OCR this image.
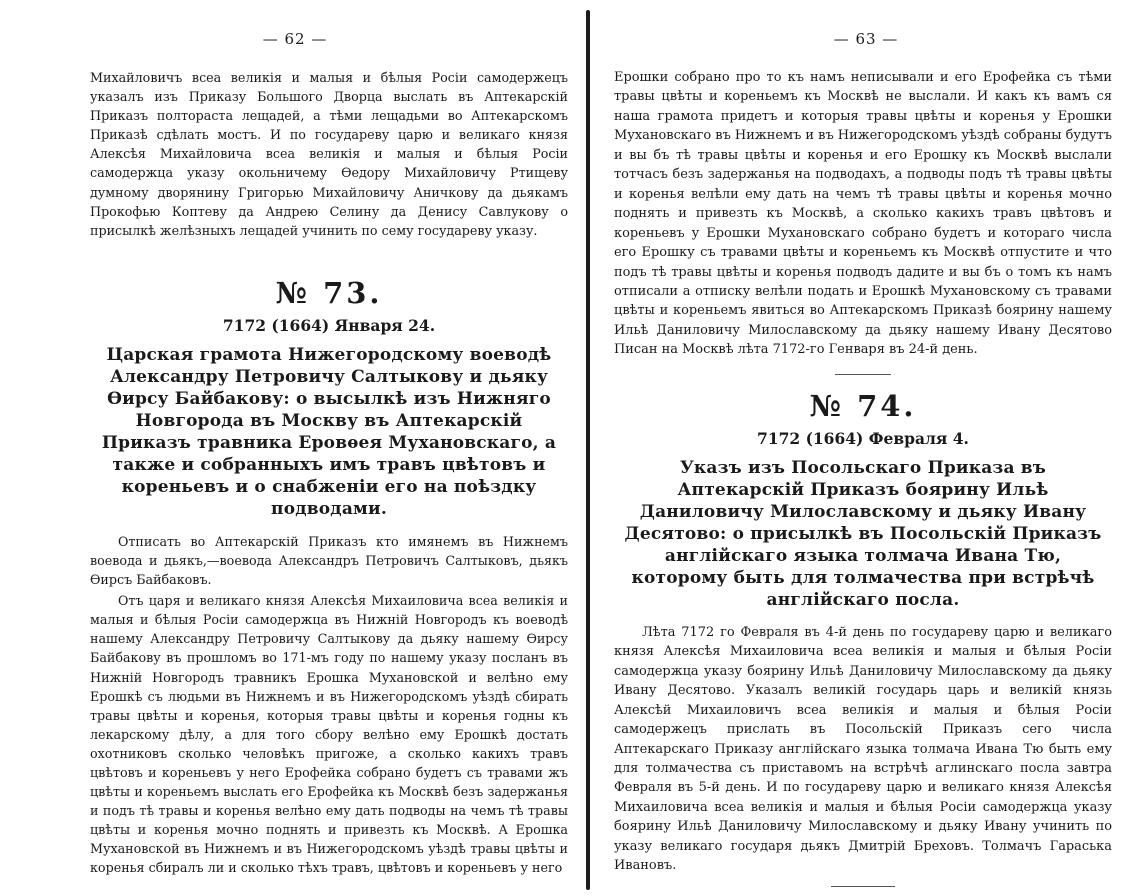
— 62 —

Михайловичъ всеа великія и малыя и бѣлыя Росіи самодержецъ указалъ изъ Приказу Большого Дворца выслать въ Аптекарскій Приказъ полтораста лещадей, а тѣми лещадьми во Аптекарскомъ Приказѣ сдѣлать мостъ. И по государеву царю и великаго князя Алексѣя Михайловича всеа великія и малыя и бѣлыя Росіи самодержца указу окольничему Ѳедору Михайловичу Ртищеву думному дворянину Григорью Михайловичу Аничкову да дьякамъ Прокофью Коптеву да Андрею Селину да Денису Савлукову о присылкѣ желѣзныхъ лещадей учинить по сему государеву указу.

№ 73.

7172 (1664) Января 24.

Царская грамота Нижегородскому воеводѣ Александру Петровичу Салтыкову и дьяку Ѳирсу Байбакову: о высылкѣ изъ Нижняго Новгорода въ Москву въ Аптекарскій Приказъ травника Еровѳея Мухановскаго, а также и собранныхъ имъ травъ цвѣтовъ и кореньевъ и о снабженіи его на поѣздку подводами.

Отписать во Аптекарскій Приказъ кто имянемъ въ Нижнемъ воевода и дьякъ,—воевода Александръ Петровичъ Салтыковъ, дьякъ Ѳирсъ Байбаковъ.

Отъ царя и великаго князя Алексѣя Михаиловича всеа великія и малыя и бѣлыя Росіи самодержца въ Нижній Новгородъ къ воеводѣ нашему Александру Петровичу Салтыкову да дьяку нашему Ѳирсу Байбакову въ прошломъ во 171-мъ году по нашему указу посланъ въ Нижній Новгородъ травникъ Ерошка Мухановской и велѣно ему Ерошкѣ съ людьми въ Нижнемъ и въ Нижегородскомъ уѣздѣ сбирать травы цвѣты и коренья, которыя травы цвѣты и коренья годны къ лекарскому дѣлу, а для того сбору велѣно ему Ерошкѣ достать охотниковъ сколько человѣкъ пригоже, а сколько какихъ травъ цвѣтовъ и кореньевъ у него Ерофейка собрано будетъ съ травами жъ цвѣты и кореньемъ выслать его Ерофейка къ Москвѣ безъ задержанья и подъ тѣ травы и коренья велѣно ему дать подводы на чемъ тѣ травы цвѣты и коренья мочно поднять и привезть къ Москвѣ. А Ерошка Мухановской въ Нижнемъ и въ Нижегородскомъ уѣздѣ травы цвѣты и коренья сбиралъ ли и сколько тѣхъ травъ, цвѣтовъ и кореньевъ у него

— 63 —

Ерошки собрано про то къ намъ неписывали и его Ерофейка съ тѣми травы цвѣты и кореньемъ къ Москвѣ не выслали. И какъ къ вамъ ся наша грамота придетъ и которыя травы цвѣты и коренья у Ерошки Мухановскаго въ Нижнемъ и въ Нижегородскомъ уѣздѣ собраны будутъ и вы бъ тѣ травы цвѣты и коренья и его Ерошку къ Москвѣ выслали тотчасъ безъ задержанья на подводахъ, а подводы подъ тѣ травы цвѣты и коренья велѣли ему дать на чемъ тѣ травы цвѣты и коренья мочно поднять и привезть къ Москвѣ, а сколько какихъ травъ цвѣтовъ и кореньевъ у Ерошки Мухановскаго собрано будетъ и котораго числа его Ерошку съ травами цвѣты и кореньемъ къ Москвѣ отпустите и что подъ тѣ травы цвѣты и коренья подводъ дадите и вы бъ о томъ къ намъ отписали а отписку велѣли подать и Ерошкѣ Мухановскому съ травами цвѣты и кореньемъ явиться во Аптекарскомъ Приказѣ боярину нашему Ильѣ Даниловичу Милославскому да дьяку нашему Ивану Десятово Писан на Москвѣ лѣта 7172-го Генваря въ 24-й день.

№ 74.

7172 (1664) Февраля 4.

Указъ изъ Посольскаго Приказа въ Аптекарскій Приказъ боярину Ильѣ Даниловичу Милославскому и дьяку Ивану Десятово: о присылкѣ въ Посольскій Приказъ англійскаго языка толмача Ивана Тю, которому быть для толмачества при встрѣчѣ англійскаго посла.

Лѣта 7172 го Февраля въ 4-й день по государеву царю и великаго князя Алексѣя Михаиловича всеа великія и малыя и бѣлыя Росіи самодержца указу боярину Ильѣ Даниловичу Милославскому да дьяку Ивану Десятово. Указалъ великій государь царь и великій князь Алексѣй Михаиловичъ всеа великія и малыя и бѣлыя Росіи самодержецъ прислать въ Посольскій Приказъ сего числа Аптекарскаго Приказу англійскаго языка толмача Ивана Тю быть ему для толмачества съ приставомъ на встрѣчѣ аглинскаго посла завтра Февраля въ 5-й день. И по государеву царю и великаго князя Алексѣя Михаиловича всеа великія и малыя и бѣлыя Росіи самодержца указу боярину Ильѣ Даниловичу Милославскому и дьяку Ивану учинить по указу великаго государя дьякъ Дмитрій Бреховъ. Толмачъ Гараська Ивановъ.
